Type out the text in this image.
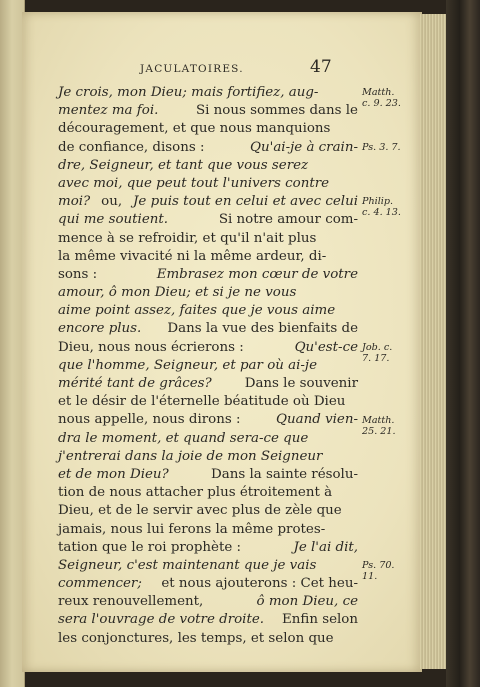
JACULATOIRES.	47
Je crois, mon Dieu; mais fortifiez, aug-
mentez ma foi.	Si nous sommes dans le
découragement, et que nous manquions
de confiance, disons :	Qu'ai-je à crain-
dre, Seigneur, et tant que vous serez
avec moi, que peut tout l'univers contre
moi? ou, Je puis tout en celui et avec celui
qui me soutient.	Si notre amour com-
mence à se refroidir, et qu'il n'ait plus
la même vivacité ni la même ardeur, di-
sons :	Embrasez mon cœur de votre
amour, ô mon Dieu; et si je ne vous
aime point assez, faites que je vous aime
encore plus. Dans la vue des bienfaits de
Dieu, nous nous écrierons :	Qu'est-ce
que l'homme, Seigneur, et par où ai-je
mérité tant de grâces? Dans le souvenir
et le désir de l'éternelle béatitude où Dieu
nous appelle, nous dirons :	Quand vien-
dra le moment, et quand sera-ce que
j'entrerai dans la joie de mon Seigneur
et de mon Dieu?	Dans la sainte résolu-
tion de nous attacher plus étroitement à
Dieu, et de le servir avec plus de zèle que
jamais, nous lui ferons la même protes-
tation que le roi prophète :	Je l'ai dit,
Seigneur, c'est maintenant que je vais
commencer; et nous ajouterons : Cet heu-
reux renouvellement,	ô mon Dieu, ce
sera l'ouvrage de votre droite. Enfin selon
les conjonctures, les temps, et selon que
Matth.
c. 9. 23.
Ps. 3. 7.
Philip.
c. 4. 13.
Job. c.
7. 17.
Matth.
25. 21.
Ps. 70.
11.
